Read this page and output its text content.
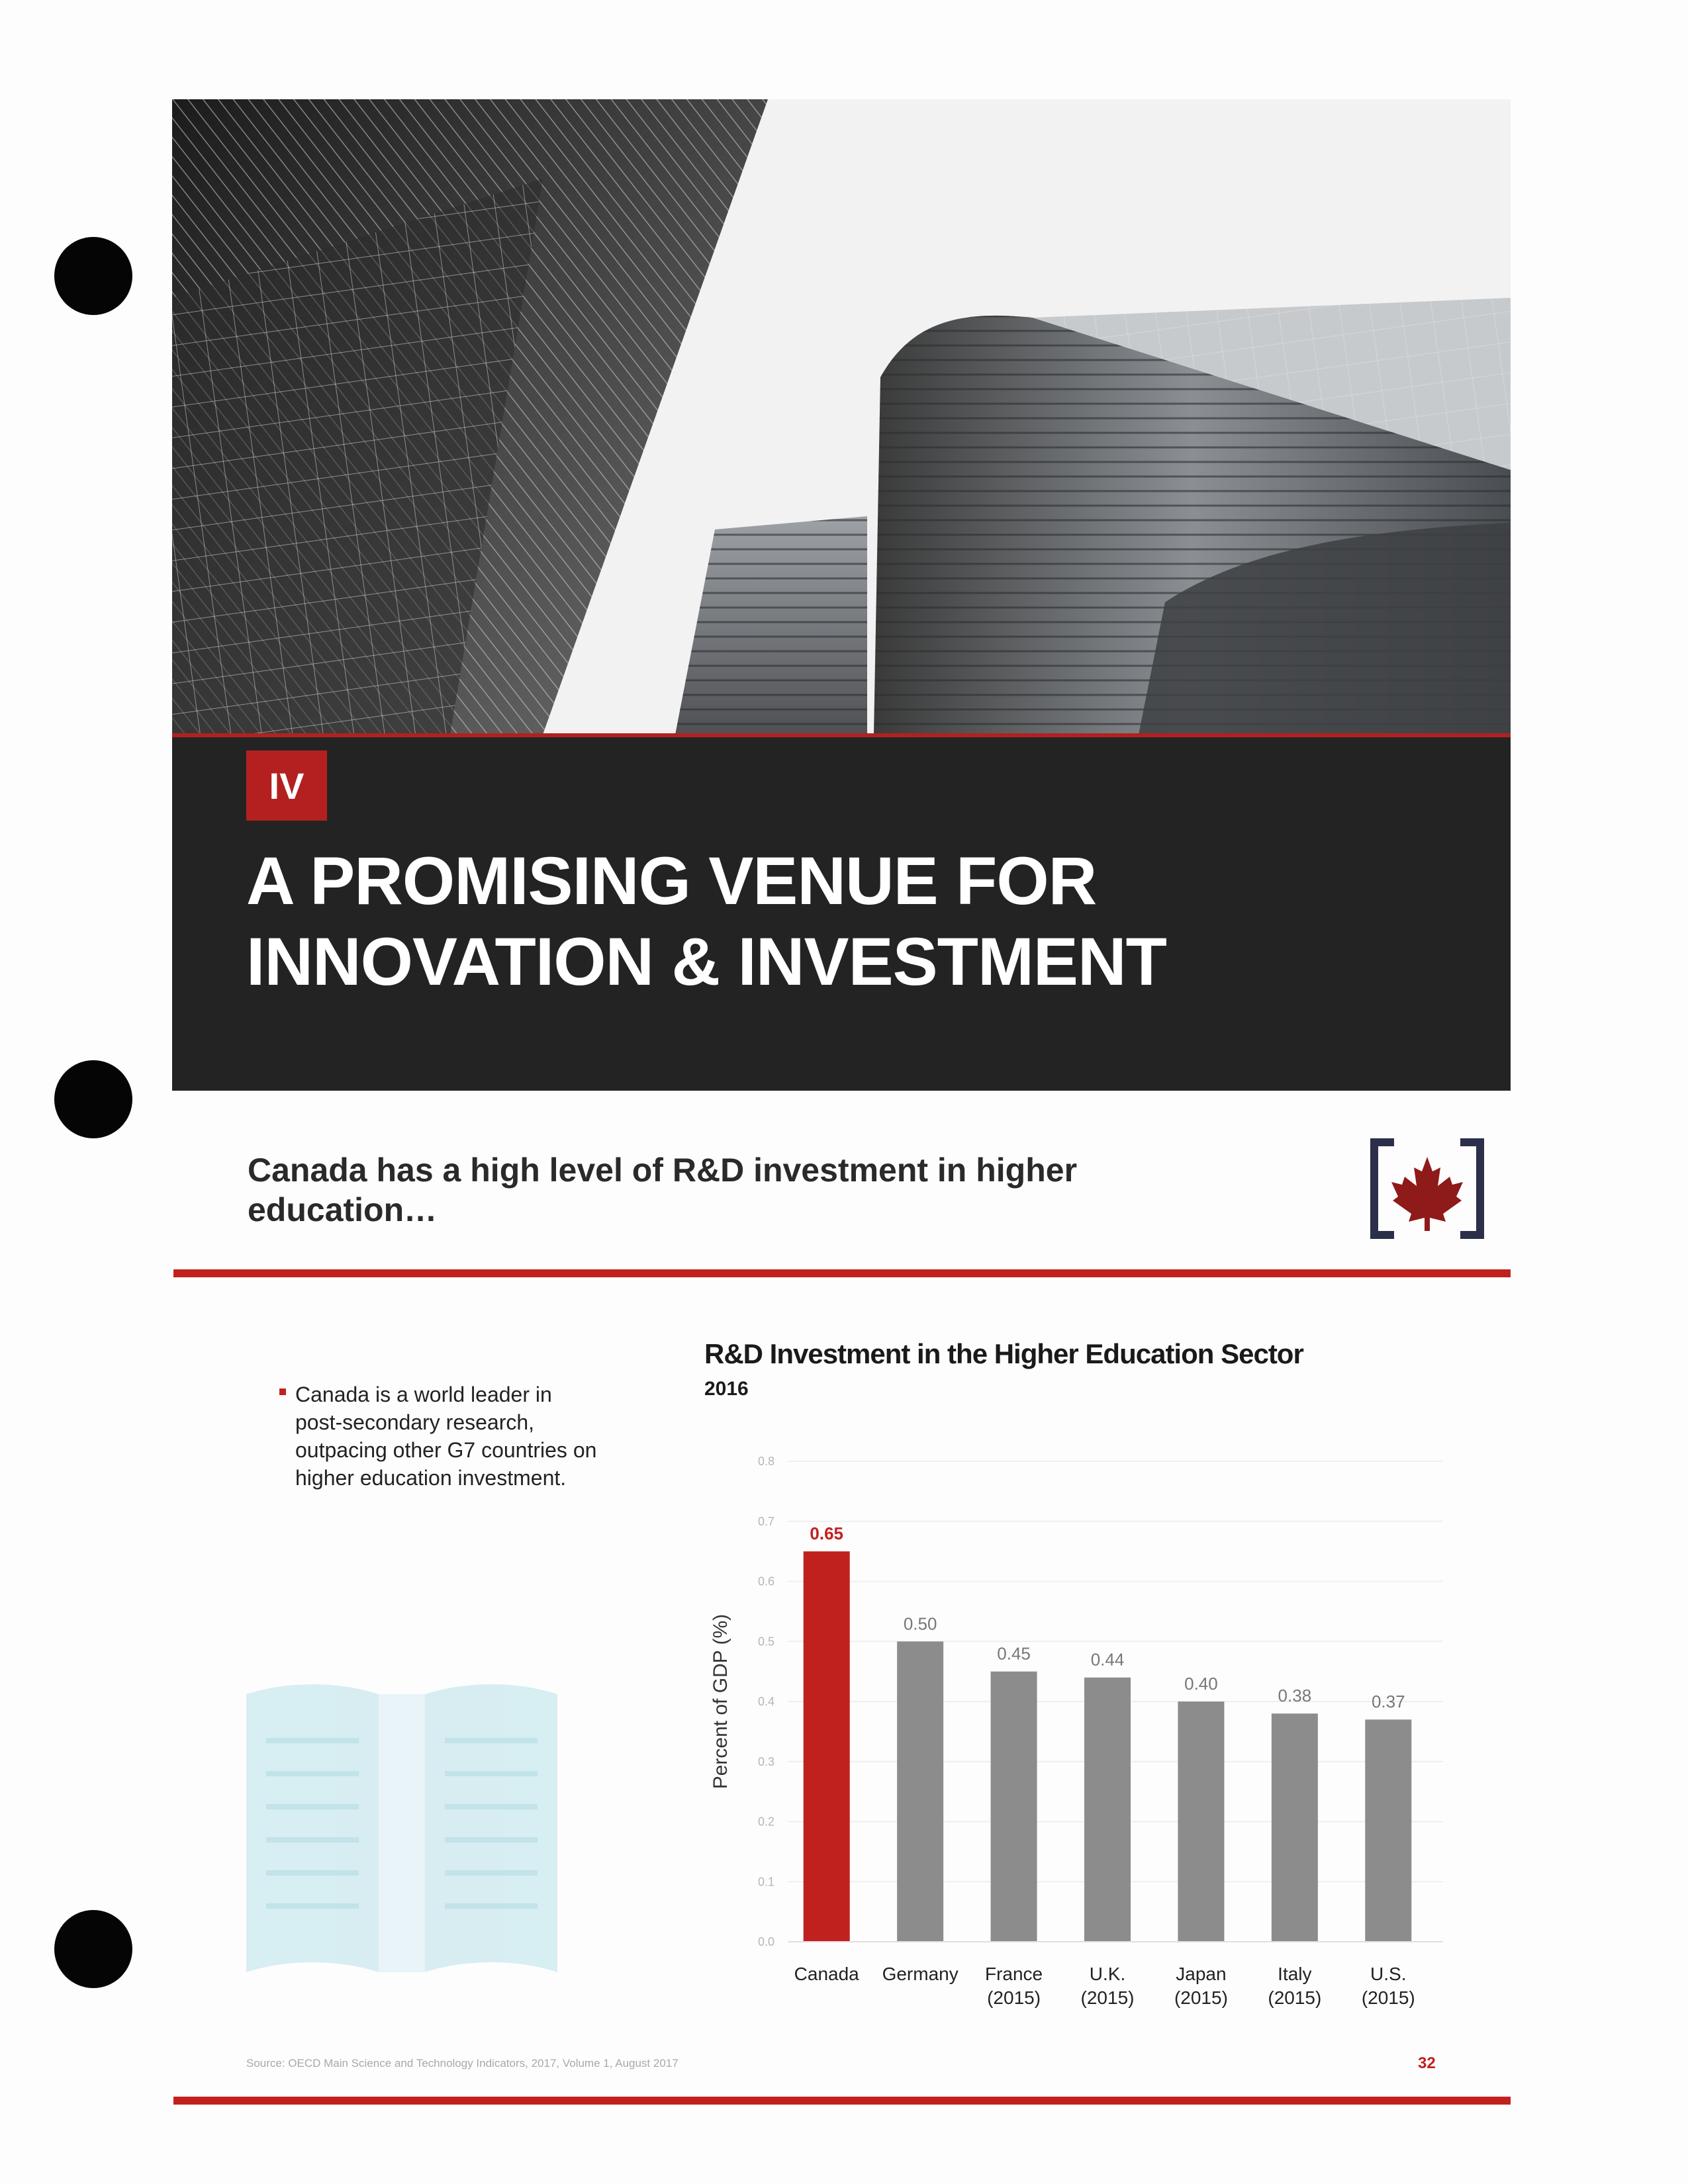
IV
A PROMISING VENUE FOR
INNOVATION & INVESTMENT
Canada has a high level of R&D investment in higher education…
Canada is a world leader in post-secondary research, outpacing other G7 countries on higher education investment.
R&D Investment in the Higher Education Sector
2016
0.0
0.1
0.2
0.3
0.4
0.5
0.6
0.7
0.8
Percent of GDP (%)
0.65
Canada
0.50
Germany
0.45
France
(2015)
0.44
U.K.
(2015)
0.40
Japan
(2015)
0.38
Italy
(2015)
0.37
U.S.
(2015)
Source: OECD Main Science and Technology Indicators, 2017, Volume 1, August 2017	32
